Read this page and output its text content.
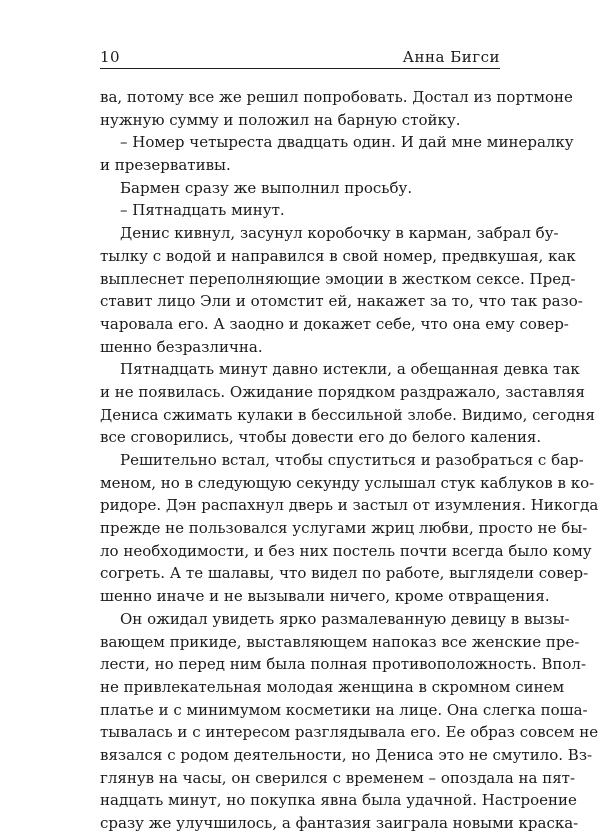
10	Анна Бигси
ва, потому все же решил попробовать. Достал из портмоне
нужную сумму и положил на барную стойку.
– Номер четыреста двадцать один. И дай мне минералку
и презервативы.
Бармен сразу же выполнил просьбу.
– Пятнадцать минут.
Денис кивнул, засунул коробочку в карман, забрал бу-
тылку с водой и направился в свой номер, предвкушая, как
выплеснет переполняющие эмоции в жестком сексе. Пред-
ставит лицо Эли и отомстит ей, накажет за то, что так разо-
чаровала его. А заодно и докажет себе, что она ему совер-
шенно безразлична.
Пятнадцать минут давно истекли, а обещанная девка так
и не появилась. Ожидание порядком раздражало, заставляя
Дениса сжимать кулаки в бессильной злобе. Видимо, сегодня
все сговорились, чтобы довести его до белого каления.
Решительно встал, чтобы спуститься и разобраться с бар-
меном, но в следующую секунду услышал стук каблуков в ко-
ридоре. Дэн распахнул дверь и застыл от изумления. Никогда
прежде не пользовался услугами жриц любви, просто не бы-
ло необходимости, и без них постель почти всегда было кому
согреть. А те шалавы, что видел по работе, выглядели совер-
шенно иначе и не вызывали ничего, кроме отвращения.
Он ожидал увидеть ярко размалеванную девицу в вызы-
вающем прикиде, выставляющем напоказ все женские пре-
лести, но перед ним была полная противоположность. Впол-
не привлекательная молодая женщина в скромном синем
платье и с минимумом косметики на лице. Она слегка поша-
тывалась и с интересом разглядывала его. Ее образ совсем не
вязался с родом деятельности, но Дениса это не смутило. Вз-
глянув на часы, он сверился с временем – опоздала на пят-
надцать минут, но покупка явна была удачной. Настроение
сразу же улучшилось, а фантазия заиграла новыми краска-
